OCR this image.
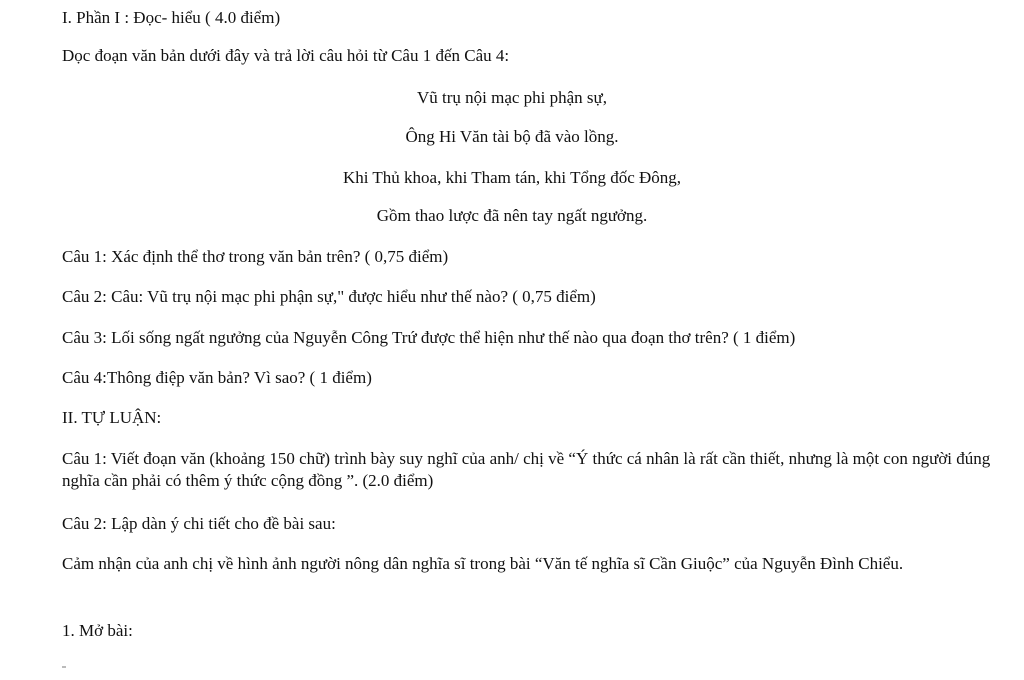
I. Phần I : Đọc- hiểu ( 4.0 điểm)
Dọc đoạn văn bản dưới đây và trả lời câu hỏi từ Câu 1 đến Câu 4:
Vũ trụ nội mạc phi phận sự,
Ông Hi Văn tài bộ đã vào lồng.
Khi Thủ khoa, khi Tham tán, khi Tổng đốc Đông,
Gồm thao lược đã nên tay ngất ngưởng.
Câu 1: Xác định thể thơ trong văn bản trên? ( 0,75 điểm)
Câu 2: Câu: Vũ trụ nội mạc phi phận sự," được hiểu như thế nào? ( 0,75 điểm)
Câu 3: Lối sống ngất ngưởng của Nguyễn Công Trứ được thể hiện như thế nào qua đoạn thơ trên? ( 1 điểm)
Câu 4:Thông điệp văn bản? Vì sao? ( 1 điểm)
II. TỰ LUẬN:
Câu 1: Viết đoạn văn (khoảng 150 chữ) trình bày suy nghĩ của anh/ chị về “Ý thức cá nhân là rất cần thiết, nhưng là một con người đúng nghĩa cần phải có thêm ý thức cộng đồng ”. (2.0 điểm)
Câu 2: Lập dàn ý chi tiết cho đề bài sau:
Cảm nhận của anh chị về hình ảnh người nông dân nghĩa sĩ trong bài “Văn tế nghĩa sĩ Cần Giuộc” của Nguyễn Đình Chiểu.
1. Mở bài:
